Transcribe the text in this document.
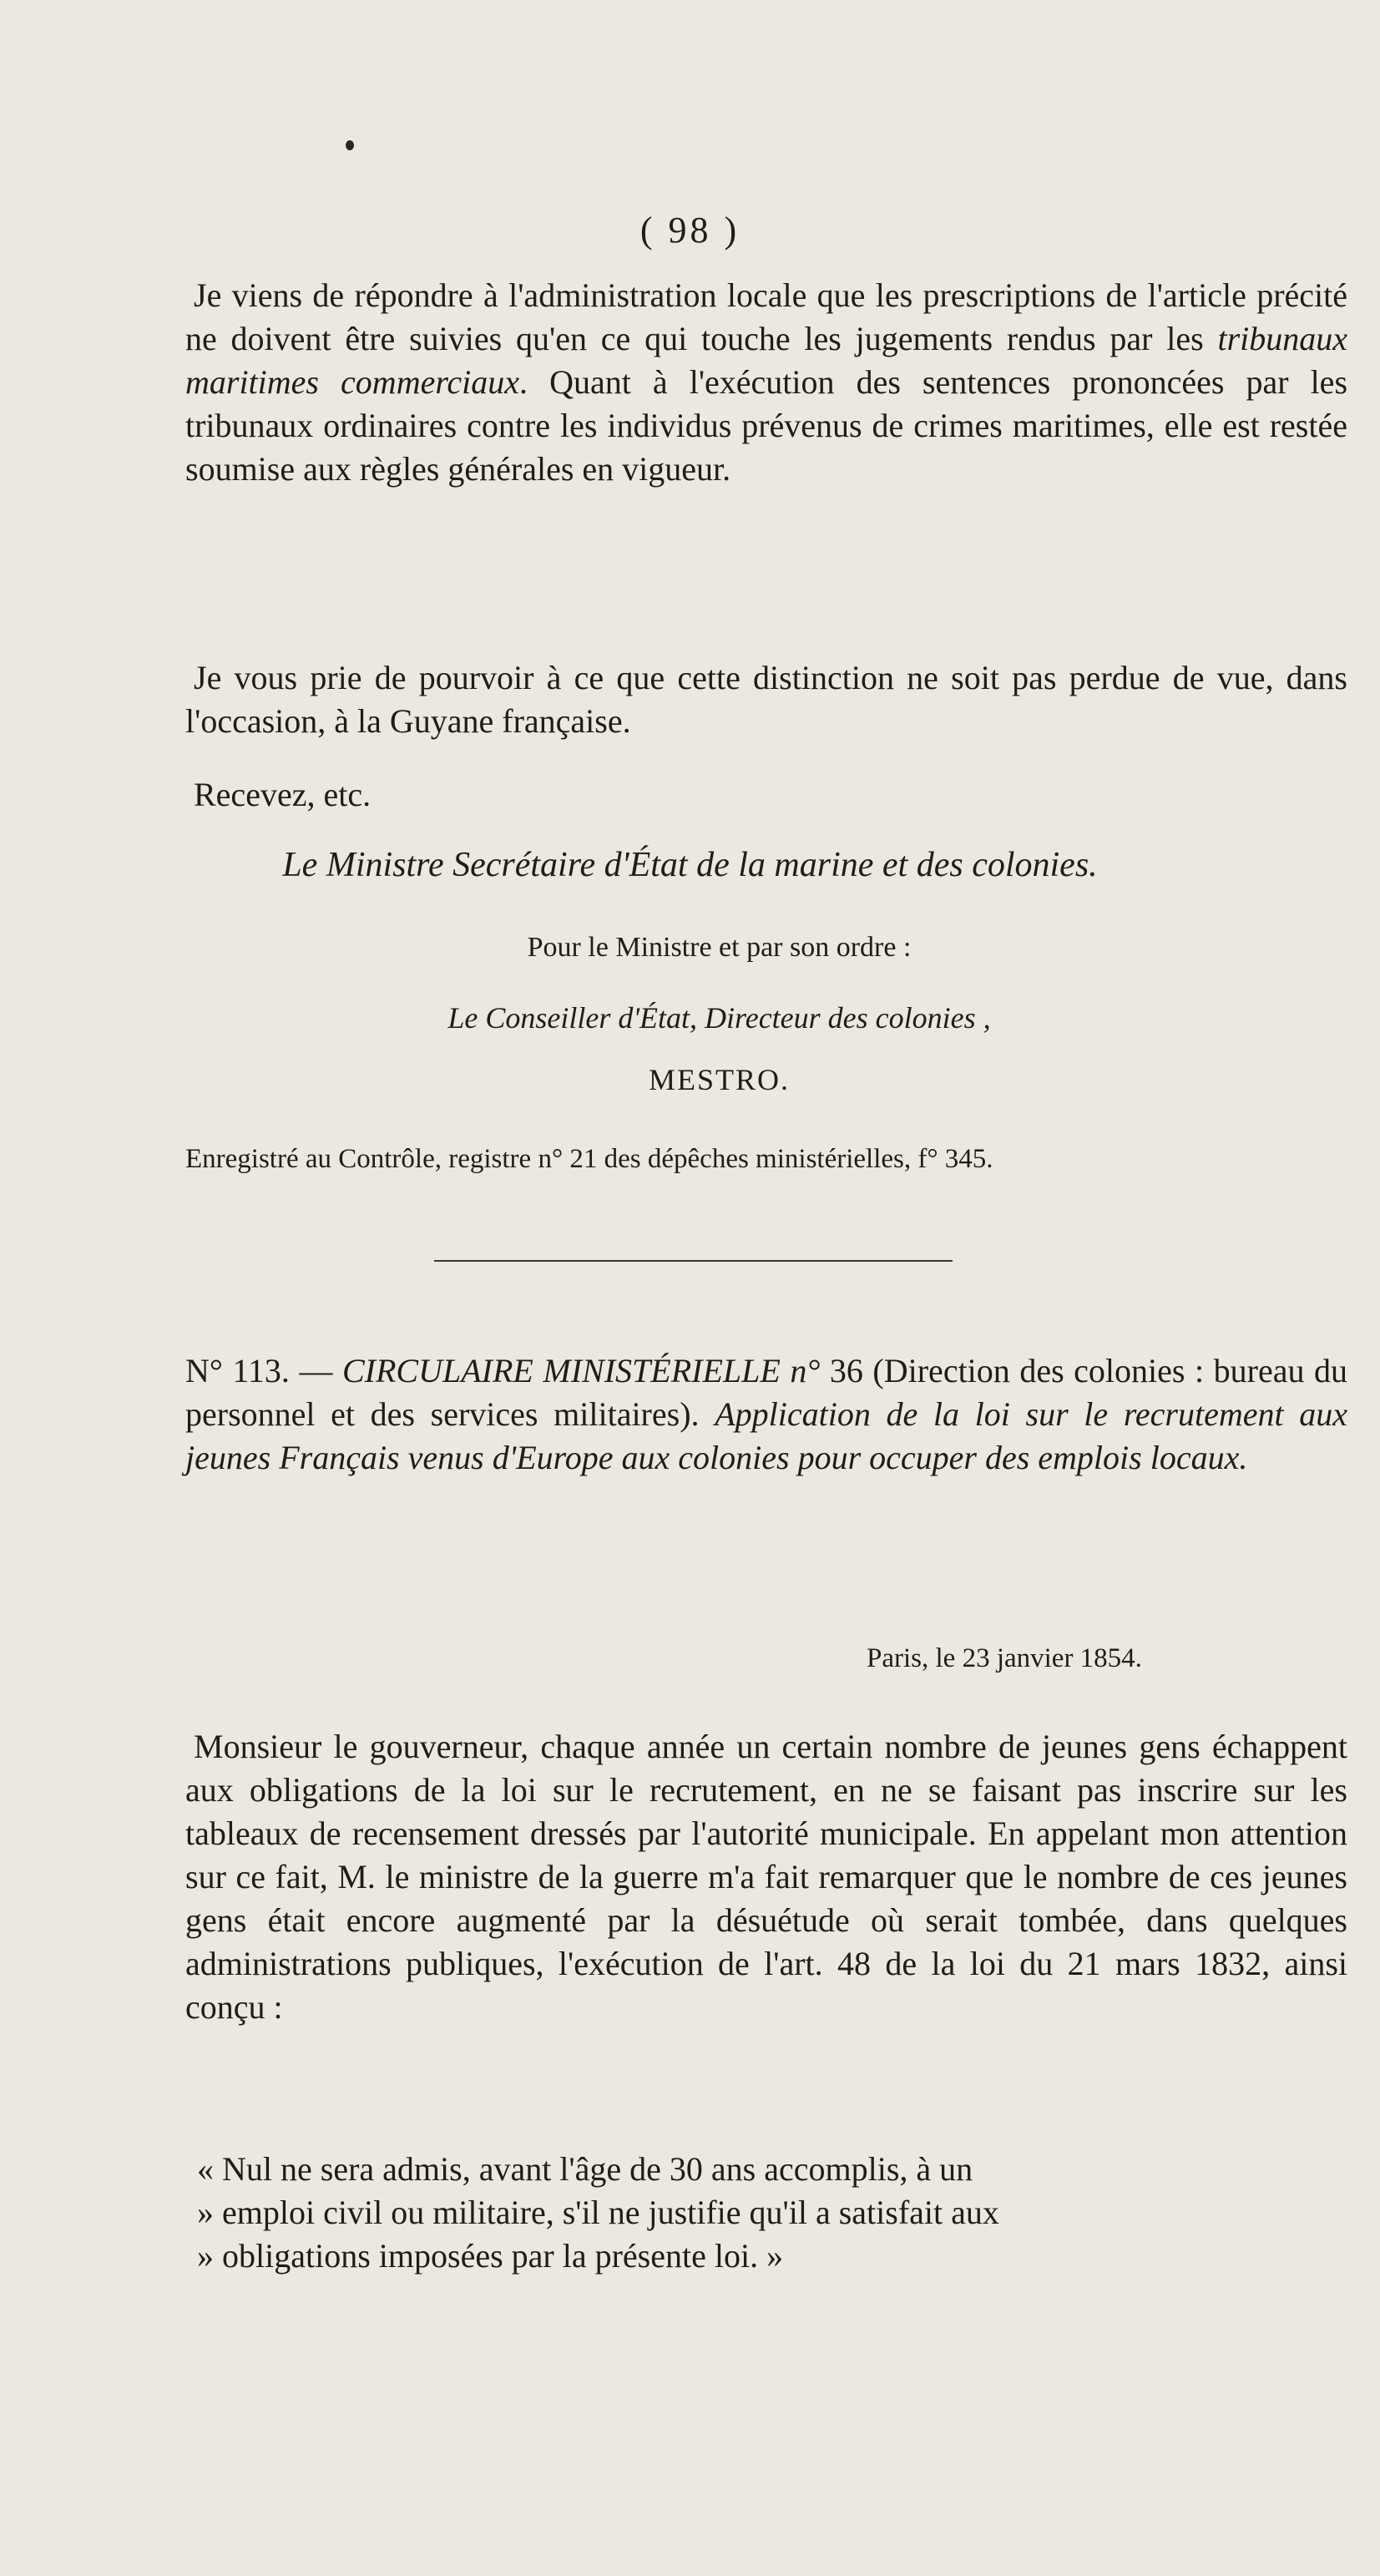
( 98 )

Je viens de répondre à l'administration locale que les prescriptions de l'article précité ne doivent être suivies qu'en ce qui touche les jugements rendus par les tribunaux maritimes commerciaux. Quant à l'exécution des sentences prononcées par les tribunaux ordinaires contre les individus prévenus de crimes maritimes, elle est restée soumise aux règles générales en vigueur.

Je vous prie de pourvoir à ce que cette distinction ne soit pas perdue de vue, dans l'occasion, à la Guyane française.

Recevez, etc.
Le Ministre Secrétaire d'État de la marine et des colonies.
Pour le Ministre et par son ordre :
Le Conseiller d'État, Directeur des colonies ,
MESTRO.
Enregistré au Contrôle, registre n° 21 des dépêches ministérielles, f° 345.

N° 113. — CIRCULAIRE MINISTÉRIELLE n° 36 (Direction des colonies : bureau du personnel et des services militaires). Application de la loi sur le recrutement aux jeunes Français venus d'Europe aux colonies pour occuper des emplois locaux.

Paris, le 23 janvier 1854.

Monsieur le gouverneur, chaque année un certain nombre de jeunes gens échappent aux obligations de la loi sur le recrutement, en ne se faisant pas inscrire sur les tableaux de recensement dressés par l'autorité municipale. En appelant mon attention sur ce fait, M. le ministre de la guerre m'a fait remarquer que le nombre de ces jeunes gens était encore augmenté par la désuétude où serait tombée, dans quelques administrations publiques, l'exécution de l'art. 48 de la loi du 21 mars 1832, ainsi conçu :

« Nul ne sera admis, avant l'âge de 30 ans accomplis, à un
» emploi civil ou militaire, s'il ne justifie qu'il a satisfait aux
» obligations imposées par la présente loi. »
